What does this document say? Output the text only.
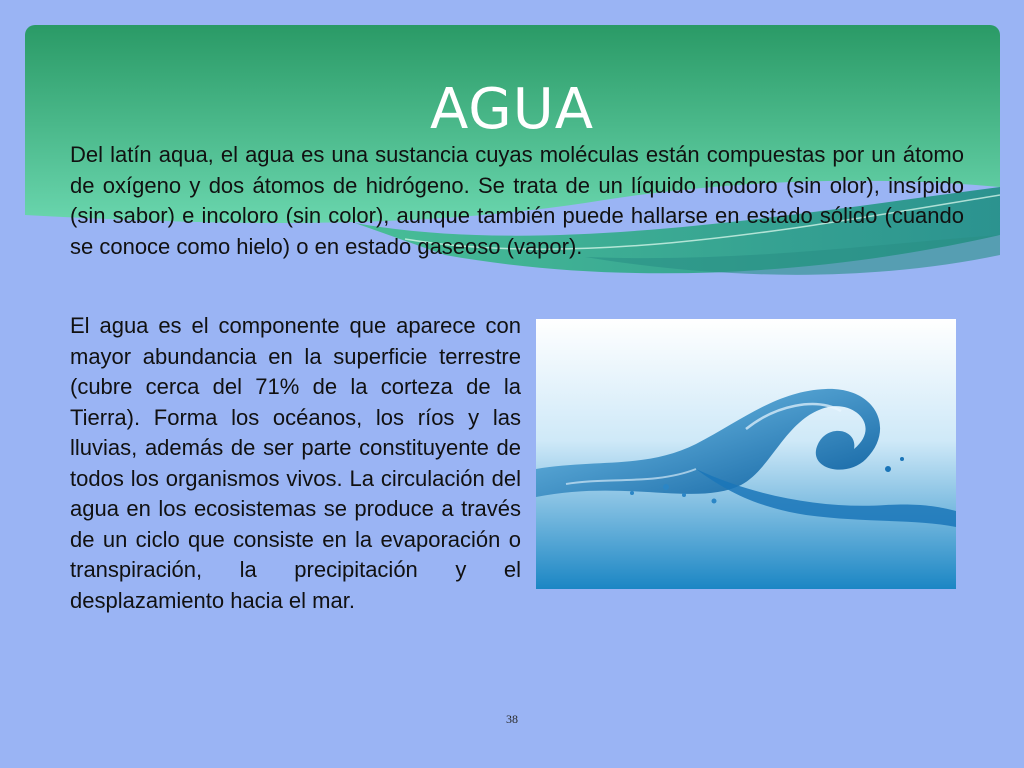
AGUA

Del latín aqua, el agua es una sustancia cuyas moléculas están compuestas por un átomo de oxígeno y dos átomos de hidrógeno. Se trata de un líquido inodoro (sin olor), insípido (sin sabor) e incoloro (sin color), aunque también puede hallarse en estado sólido (cuando se conoce como hielo) o en estado gaseoso (vapor).

El agua es el componente que aparece con mayor abundancia en la superficie terrestre (cubre cerca del 71% de la corteza de la Tierra). Forma los océanos, los ríos y las lluvias, además de ser parte constituyente de todos los organismos vivos. La circulación del agua en los ecosistemas se produce a través de un ciclo que consiste en la evaporación o transpiración, la precipitación y el desplazamiento hacia el mar.

38
